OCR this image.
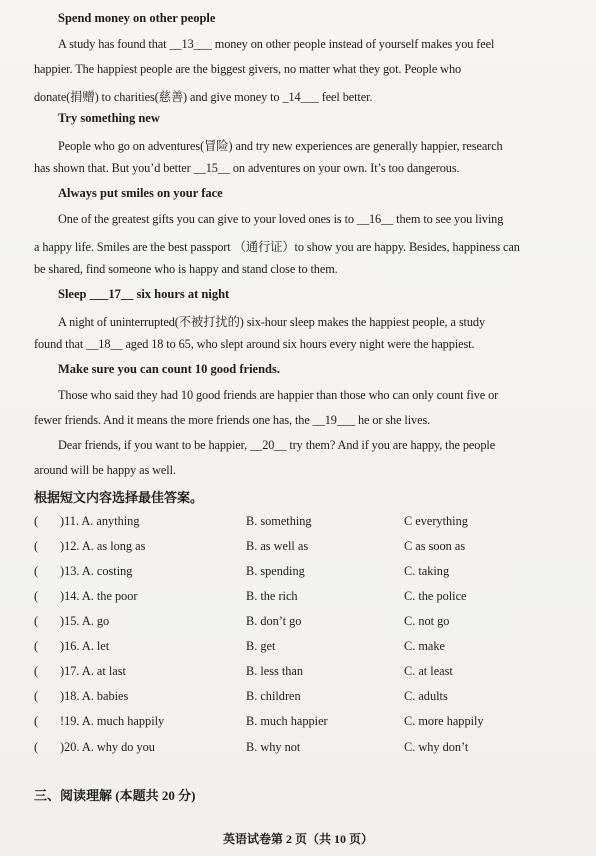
Spend money on other people
A study has found that __13___ money on other people instead of yourself makes you feel
happier. The happiest people are the biggest givers, no matter what they got. People who
donate(捐赠) to charities(慈善) and give money to _14___ feel better.
Try something new
People who go on adventures(冒险) and try new experiences are generally happier, research
has shown that. But you’d better __15__ on adventures on your own. It’s too dangerous.
Always put smiles on your face
One of the greatest gifts you can give to your loved ones is to __16__ them to see you living
a happy life. Smiles are the best passport （通行证）to show you are happy. Besides, happiness can
be shared, find someone who is happy and stand close to them.
Sleep ___17__ six hours at night
A night of uninterrupted(不被打扰的) six-hour sleep makes the happiest people, a study
found that __18__ aged 18 to 65, who slept around six hours every night were the happiest.
Make sure you can count 10 good friends.
Those who said they had 10 good friends are happier than those who can only count five or
fewer friends. And it means the more friends one has, the __19___ he or she lives.
Dear friends, if you want to be happier, __20__ try them? And if you are happy, the people
around will be happy as well.
根据短文内容选择最佳答案。
( )11. A. anything	B. something	C everything
( )12. A. as long as	B. as well as	C as soon as
( )13. A. costing	B. spending	C. taking
( )14. A. the poor	B. the rich	C. the police
( )15. A. go	B. don’t go	C. not go
( )16. A. let	B. get	C. make
( )17. A. at last	B. less than	C. at least
( )18. A. babies	B. children	C. adults
( !19. A. much happily	B. much happier	C. more happily
( )20. A. why do you	B. why not	C. why don’t
三、阅读理解 (本题共 20 分)
英语试卷第 2 页（共 10 页）
